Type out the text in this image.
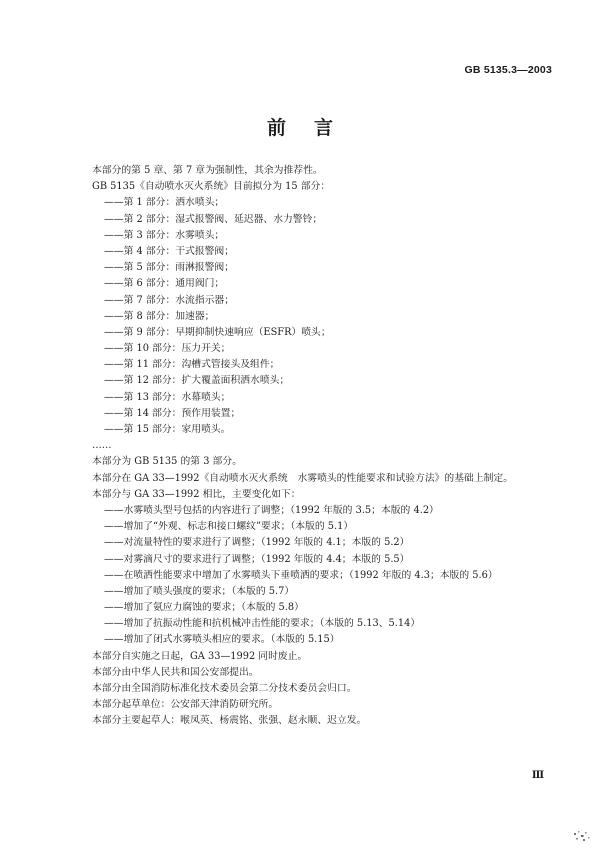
GB 5135.3—2003
前言
本部分的第 5 章、第 7 章为强制性，其余为推荐性。
GB 5135《自动喷水灭火系统》目前拟分为 15 部分：
——第 1 部分：洒水喷头；
——第 2 部分：湿式报警阀、延迟器、水力警铃；
——第 3 部分：水雾喷头；
——第 4 部分：干式报警阀；
——第 5 部分：雨淋报警阀；
——第 6 部分：通用阀门；
——第 7 部分：水流指示器；
——第 8 部分：加速器；
——第 9 部分：早期抑制快速响应（ESFR）喷头；
——第 10 部分：压力开关；
——第 11 部分：沟槽式管接头及组件；
——第 12 部分：扩大覆盖面积洒水喷头；
——第 13 部分：水幕喷头；
——第 14 部分：预作用装置；
——第 15 部分：家用喷头。
……
本部分为 GB 5135 的第 3 部分。
本部分在 GA 33—1992《自动喷水灭火系统　水雾喷头的性能要求和试验方法》的基础上制定。
本部分与 GA 33—1992 相比，主要变化如下：
——水雾喷头型号包括的内容进行了调整；（1992 年版的 3.5；本版的 4.2）
——增加了“外观、标志和接口螺纹”要求；（本版的 5.1）
——对流量特性的要求进行了调整；（1992 年版的 4.1；本版的 5.2）
——对雾滴尺寸的要求进行了调整；（1992 年版的 4.4；本版的 5.5）
——在喷洒性能要求中增加了水雾喷头下垂喷洒的要求；（1992 年版的 4.3；本版的 5.6）
——增加了喷头强度的要求；（本版的 5.7）
——增加了氨应力腐蚀的要求；（本版的 5.8）
——增加了抗振动性能和抗机械冲击性能的要求；（本版的 5.13、5.14）
——增加了闭式水雾喷头相应的要求。（本版的 5.15）
本部分自实施之日起，GA 33—1992 同时废止。
本部分由中华人民共和国公安部提出。
本部分由全国消防标准化技术委员会第二分技术委员会归口。
本部分起草单位：公安部天津消防研究所。
本部分主要起草人：喉凤英、杨震铭、张强、赵永顺、迟立发。
Ⅲ
